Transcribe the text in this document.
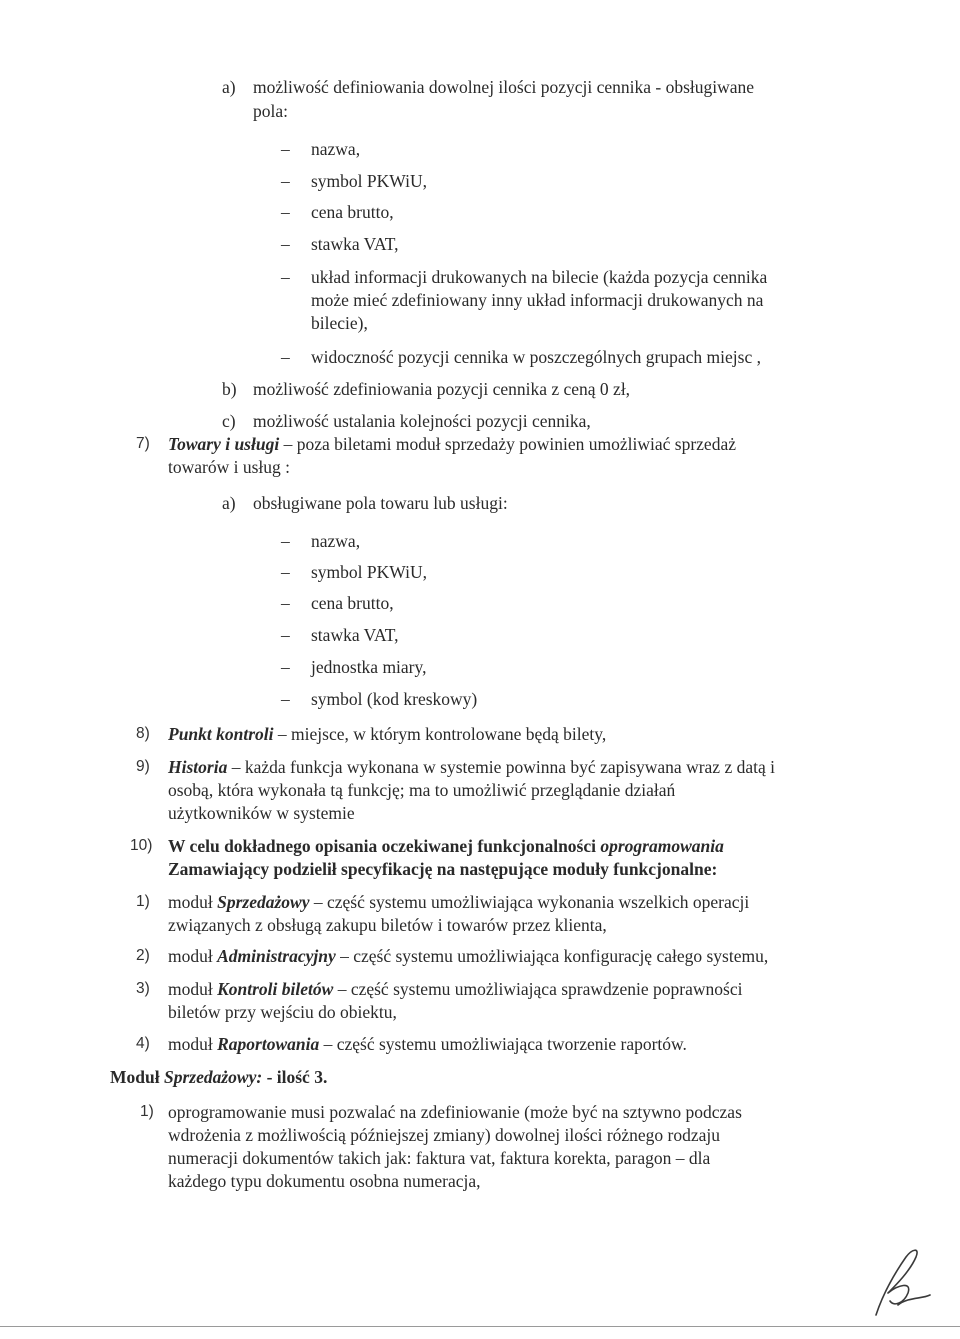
a) możliwość definiowania dowolnej ilości pozycji cennika - obsługiwane
pola:
– nazwa,
– symbol PKWiU,
– cena brutto,
– stawka VAT,
– układ informacji drukowanych na bilecie (każda pozycja cennika
może mieć zdefiniowany inny układ informacji drukowanych na
bilecie),
– widoczność pozycji cennika w poszczególnych grupach miejsc ,
b) możliwość zdefiniowania pozycji cennika z ceną 0 zł,
c) możliwość ustalania kolejności pozycji cennika,
7) Towary i usługi – poza biletami moduł sprzedaży powinien umożliwiać sprzedaż
towarów i usług :
a) obsługiwane pola towaru lub usługi:
– nazwa,
– symbol PKWiU,
– cena brutto,
– stawka VAT,
– jednostka miary,
– symbol (kod kreskowy)
8) Punkt kontroli – miejsce, w którym kontrolowane będą bilety,
9) Historia – każda funkcja wykonana w systemie powinna być zapisywana wraz z datą i
osobą, która wykonała tą funkcję; ma to umożliwić przeglądanie działań
użytkowników w systemie
10) W celu dokładnego opisania oczekiwanej funkcjonalności oprogramowania
Zamawiający podzielił specyfikację na następujące moduły funkcjonalne:
1) moduł Sprzedażowy – część systemu umożliwiająca wykonania wszelkich operacji
związanych z obsługą zakupu biletów i towarów przez klienta,
2) moduł Administracyjny – część systemu umożliwiająca konfigurację całego systemu,
3) moduł Kontroli biletów – część systemu umożliwiająca sprawdzenie poprawności
biletów przy wejściu do obiektu,
4) moduł Raportowania – część systemu umożliwiająca tworzenie raportów.
Moduł Sprzedażowy: - ilość 3.
1) oprogramowanie musi pozwalać na zdefiniowanie (może być na sztywno podczas
wdrożenia z możliwością późniejszej zmiany) dowolnej ilości różnego rodzaju
numeracji dokumentów takich jak: faktura vat, faktura korekta, paragon – dla
każdego typu dokumentu osobna numeracja,
